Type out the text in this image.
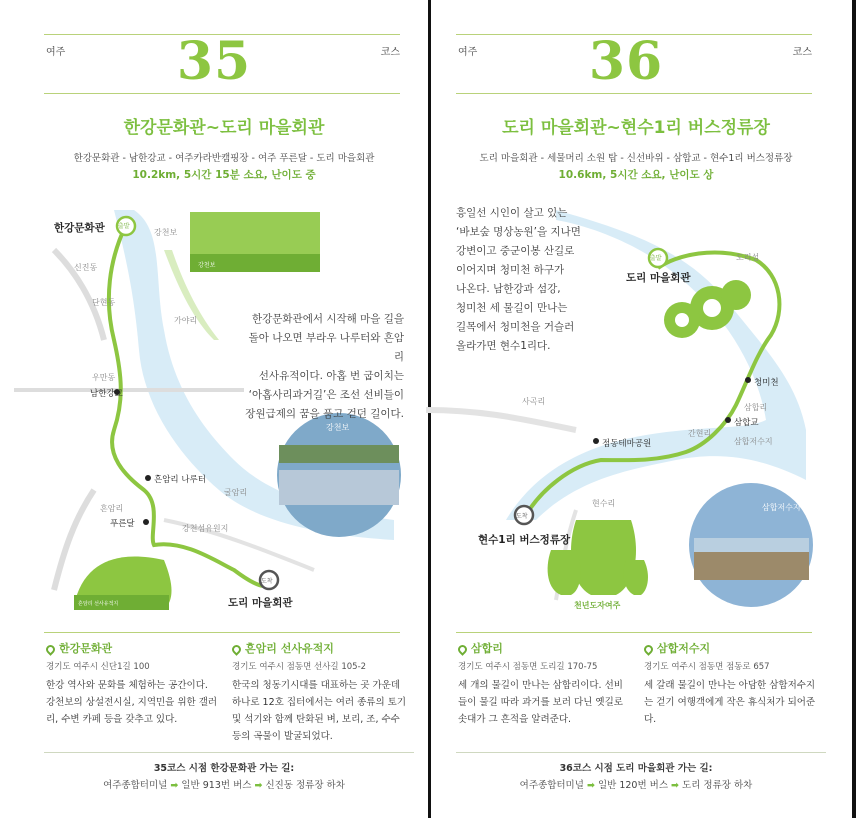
여주	35	코스
한강문화관~도리 마을회관
한강문화관 - 남한강교 - 여주카라반캠핑장 - 여주 푸른달 - 도리 마을회관
10.2km, 5시간 15분 소요, 난이도 중
한강문화관 출발
도리 마을회관
도착
강천보
강천보
신진동
단현동
가야리
우만동
남한강교
흔암리 나루터
굴암리
흔암리
푸른달	강천섬유원지
강천보
흔암리 선사유적지
한강문화관에서 시작해 마을 길을
돌아 나오면 부라우 나루터와 흔암리
선사유적이다. 아홉 번 굽이치는
‘아홉사리과거길’은 조선 선비들이
장원급제의 꿈을 품고 걷던 길이다.
한강문화관
경기도 여주시 신단1길 100
한강 역사와 문화를 체험하는 공간이다.
강천보의 상설전시실, 지역민을 위한 갤러
리, 수변 카페 등을 갖추고 있다.
흔암리 선사유적지
경기도 여주시 점동면 선사길 105-2
한국의 청동기시대를 대표하는 곳 가운데
하나로 12호 집터에서는 여러 종류의 토기
및 석기와 함께 탄화된 벼, 보리, 조, 수수
등의 곡물이 발굴되었다.
35코스 시점 한강문화관 가는 길:
여주종합터미널 ➡ 일반 913번 버스 ➡ 신진동 정류장 하차
여주	36	코스
도리 마을회관~현수1리 버스정류장
도리 마을회관 - 세물머리 소원 탑 - 신선바위 - 삼합교 - 현수1리 버스정류장
10.6km, 5시간 소요, 난이도 상
도리 마을회관
출발
현수1리 버스정류장
도착
도리섬
삼합교
청미천
삼합리
삼합교
사곡리
간현리
삼합저수지
점동테마공원
현수리
천년도자여주
삼합저수지
흥일선 시인이 살고 있는
‘바보숲 명상농원’을 지나면
강변이고 중군이봉 산길로
이어지며 청미천 하구가
나온다. 남한강과 섬강,
청미천 세 물길이 만나는
길목에서 청미천을 거슬러
올라가면 현수1리다.
삼합리
경기도 여주시 점동면 도리길 170-75
세 개의 물길이 만나는 삼합리이다. 선비
들이 물길 따라 과거를 보러 다닌 옛길로
솟대가 그 흔적을 알려준다.
삼합저수지
경기도 여주시 점동면 점동로 657
세 갈래 물길이 만나는 아담한 삼합저수지
는 걷기 여행객에게 작은 휴식처가 되어준
다.
36코스 시점 도리 마을회관 가는 길:
여주종합터미널 ➡ 일반 120번 버스 ➡ 도리 정류장 하차
